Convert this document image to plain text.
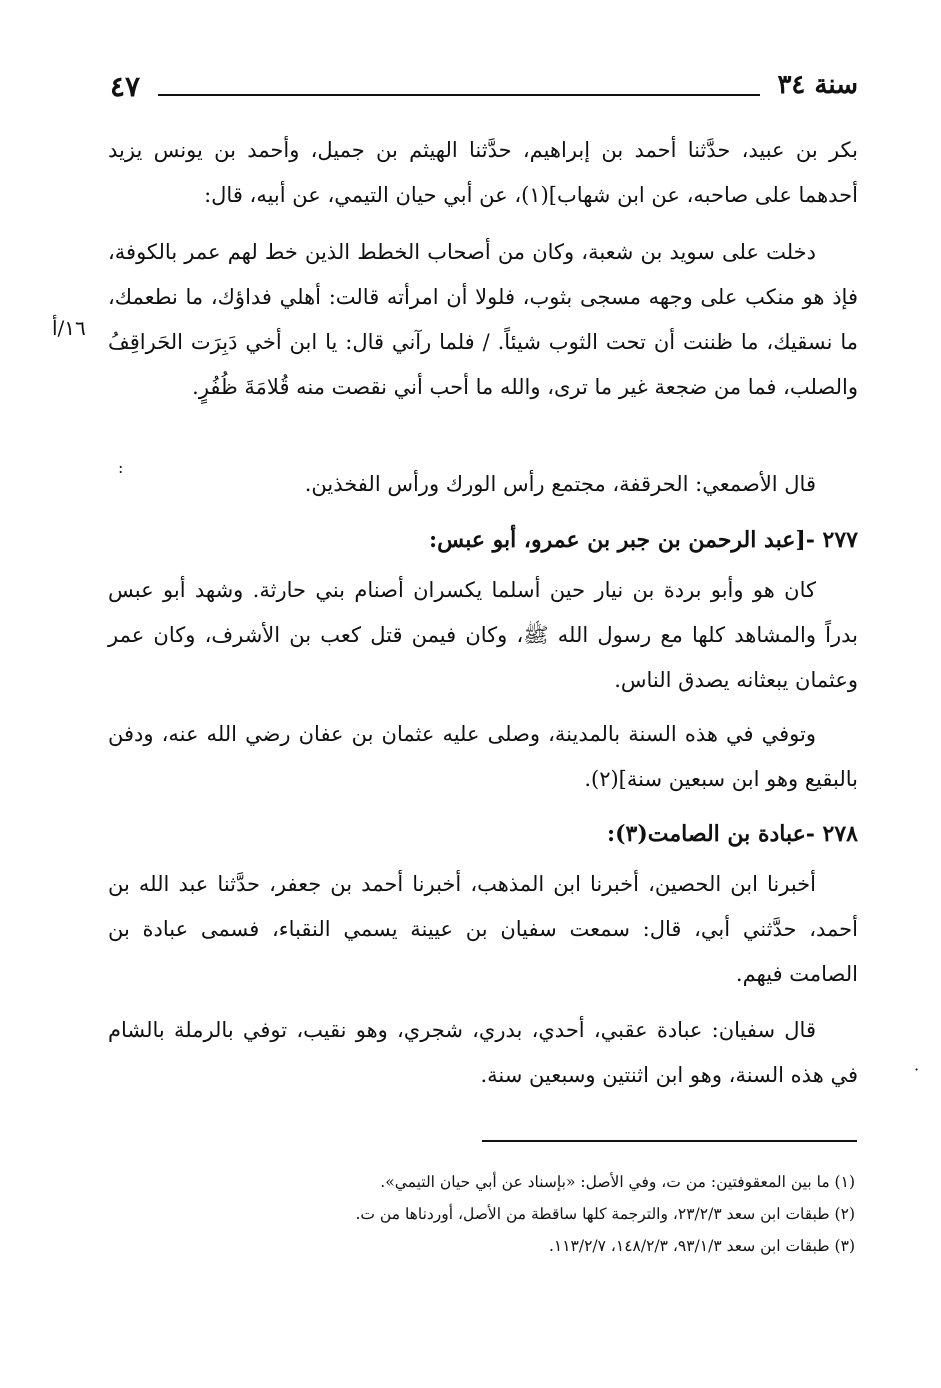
٤٧	سنة ٣٤
١٦/أ
:

بكر بن عبيد، حدَّثنا أحمد بن إبراهيم، حدَّثنا الهيثم بن جميل، وأحمد بن يونس يزيد أحدهما على صاحبه، عن ابن شهاب](١)، عن أبي حيان التيمي، عن أبيه، قال:

دخلت على سويد بن شعبة، وكان من أصحاب الخطط الذين خط لهم عمر بالكوفة، فإذ هو منكب على وجهه مسجى بثوب، فلولا أن امرأته قالت: أهلي فداؤك، ما نطعمك، ما نسقيك، ما ظننت أن تحت الثوب شيئاً. / فلما رآني قال: يا ابن أخي دَبِرَت الحَراقِفُ والصلب، فما من ضجعة غير ما ترى، والله ما أحب أني نقصت منه قُلامَةَ ظُفُرٍ.

قال الأصمعي: الحرقفة، مجتمع رأس الورك ورأس الفخذين.

٢٧٧ -[عبد الرحمن بن جبر بن عمرو، أبو عبس:

كان هو وأبو بردة بن نيار حين أسلما يكسران أصنام بني حارثة. وشهد أبو عبس بدراً والمشاهد كلها مع رسول الله ﷺ، وكان فيمن قتل كعب بن الأشرف، وكان عمر وعثمان يبعثانه يصدق الناس.

وتوفي في هذه السنة بالمدينة، وصلى عليه عثمان بن عفان رضي الله عنه، ودفن بالبقيع وهو ابن سبعين سنة](٢).

٢٧٨ -عبادة بن الصامت(٣):

أخبرنا ابن الحصين، أخبرنا ابن المذهب، أخبرنا أحمد بن جعفر، حدَّثنا عبد الله بن أحمد، حدَّثني أبي، قال: سمعت سفيان بن عيينة يسمي النقباء، فسمى عبادة بن الصامت فيهم.

قال سفيان: عبادة عقبي، أحدي، بدري، شجري، وهو نقيب، توفي بالرملة بالشام في هذه السنة، وهو ابن اثنتين وسبعين سنة.	·

(١) ما بين المعقوفتين: من ت، وفي الأصل: «بإسناد عن أبي حيان التيمي».

(٢) طبقات ابن سعد ٢٣/٢/٣، والترجمة كلها ساقطة من الأصل، أوردناها من ت.

(٣) طبقات ابن سعد ٩٣/١/٣، ١٤٨/٢/٣، ١١٣/٢/٧.
